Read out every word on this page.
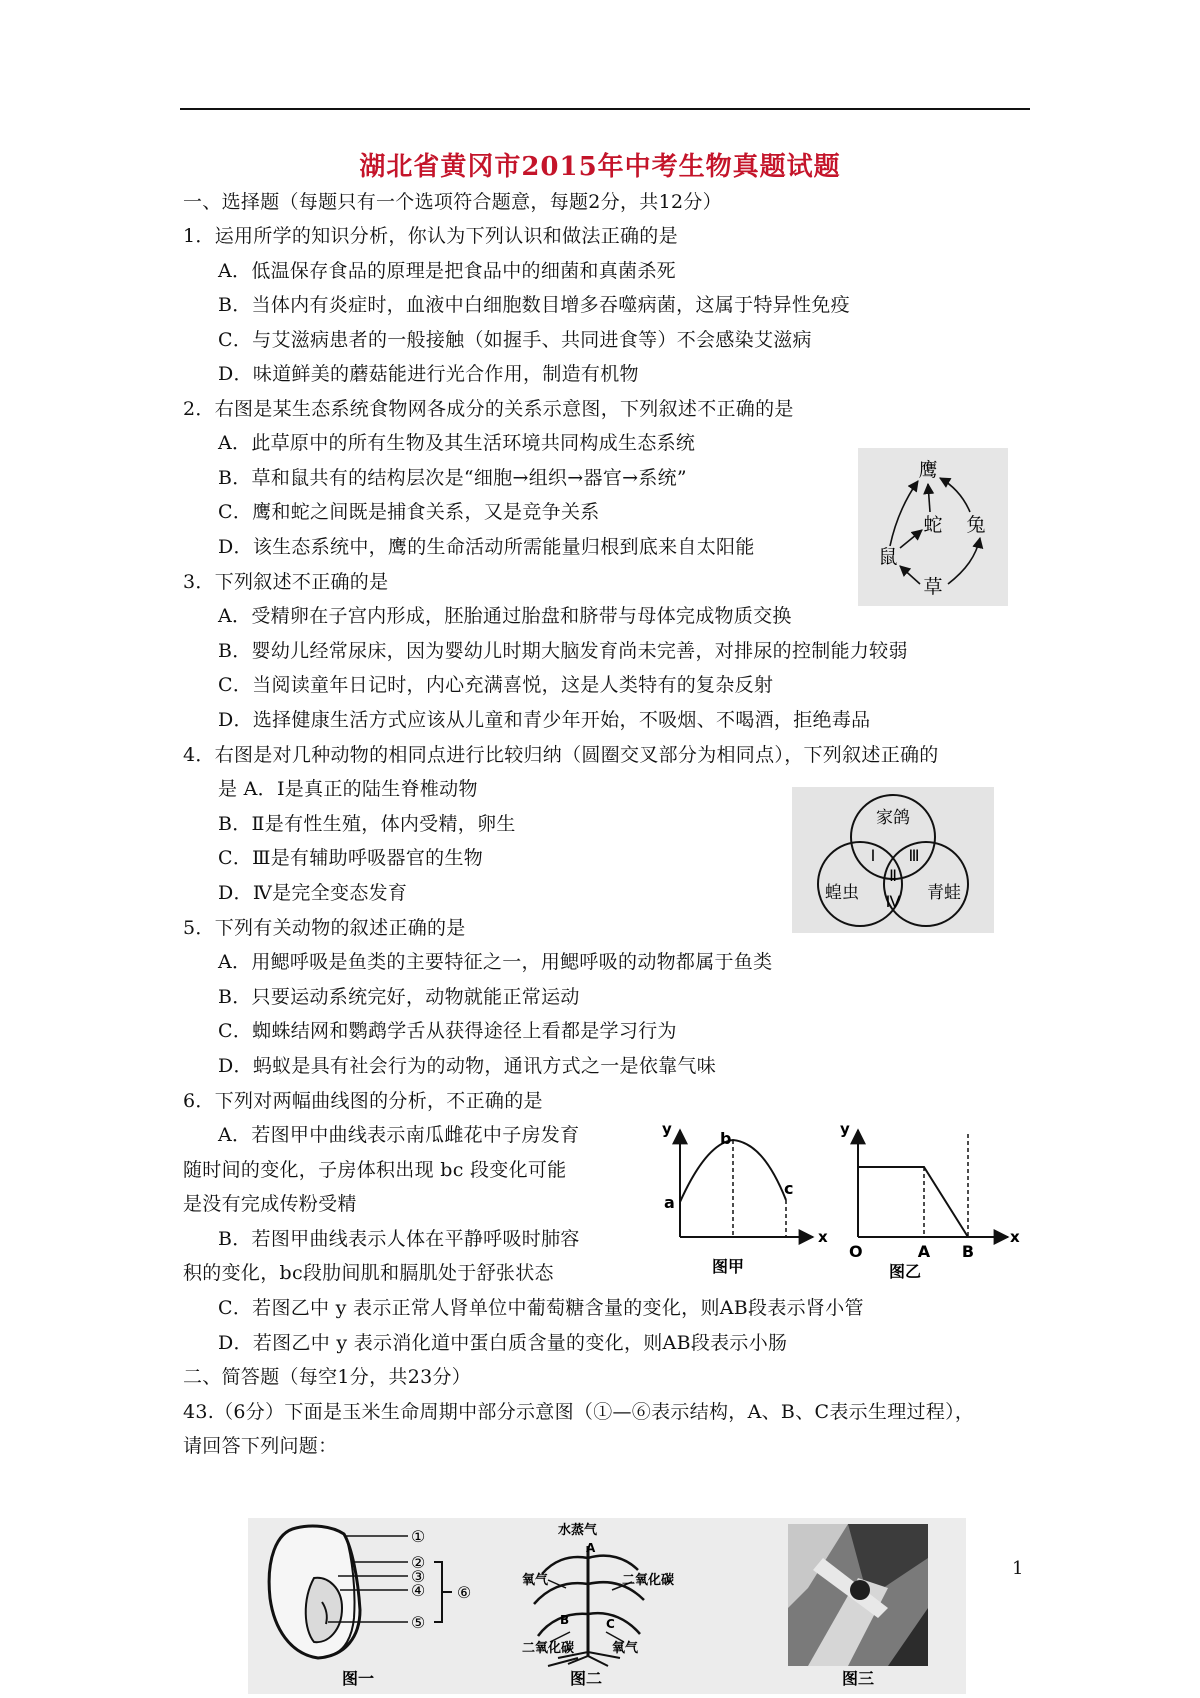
湖北省黄冈市2015年中考生物真题试题
一、选择题（每题只有一个选项符合题意，每题2分，共12分）
1．运用所学的知识分析，你认为下列认识和做法正确的是
A．低温保存食品的原理是把食品中的细菌和真菌杀死
B．当体内有炎症时，血液中白细胞数目增多吞噬病菌，这属于特异性免疫
C．与艾滋病患者的一般接触（如握手、共同进食等）不会感染艾滋病
D．味道鲜美的蘑菇能进行光合作用，制造有机物
2．右图是某生态系统食物网各成分的关系示意图，下列叙述不正确的是
A．此草原中的所有生物及其生活环境共同构成生态系统
B．草和鼠共有的结构层次是“细胞→组织→器官→系统”
C．鹰和蛇之间既是捕食关系，又是竞争关系
D．该生态系统中，鹰的生命活动所需能量归根到底来自太阳能
3．下列叙述不正确的是
A．受精卵在子宫内形成，胚胎通过胎盘和脐带与母体完成物质交换
B．婴幼儿经常尿床，因为婴幼儿时期大脑发育尚未完善，对排尿的控制能力较弱
C．当阅读童年日记时，内心充满喜悦，这是人类特有的复杂反射
D．选择健康生活方式应该从儿童和青少年开始，不吸烟、不喝酒，拒绝毒品
4．右图是对几种动物的相同点进行比较归纳（圆圈交叉部分为相同点），下列叙述正确的
是 A．Ⅰ是真正的陆生脊椎动物
B．Ⅱ是有性生殖，体内受精，卵生
C．Ⅲ是有辅助呼吸器官的生物
D．Ⅳ是完全变态发育
5．下列有关动物的叙述正确的是
A．用鳃呼吸是鱼类的主要特征之一，用鳃呼吸的动物都属于鱼类
B．只要运动系统完好，动物就能正常运动
C．蜘蛛结网和鹦鹉学舌从获得途径上看都是学习行为
D．蚂蚁是具有社会行为的动物，通讯方式之一是依靠气味
6．下列对两幅曲线图的分析，不正确的是
A．若图甲中曲线表示南瓜雌花中子房发育
随时间的变化，子房体积出现 bc 段变化可能
是没有完成传粉受精
B．若图甲曲线表示人体在平静呼吸时肺容
积的变化，bc段肋间肌和膈肌处于舒张状态
C．若图乙中 y 表示正常人肾单位中葡萄糖含量的变化，则AB段表示肾小管
D．若图乙中 y 表示消化道中蛋白质含量的变化，则AB段表示小肠
二、简答题（每空1分，共23分）
43.（6分）下面是玉米生命周期中部分示意图（①—⑥表示结构，A、B、C表示生理过程），
请回答下列问题：
鹰
蛇 兔
鼠
草
家鸽
蝗虫	青蛙
Ⅰ
Ⅱ
Ⅲ
Ⅳ
y
x
a
b
c
图甲
y
x
O	A B
图乙
①
②
③
④
⑤
⑥
图一
水蒸气
A
B	C
氧气	二氧化碳
二氧化碳	氧气
图二	图三
1
